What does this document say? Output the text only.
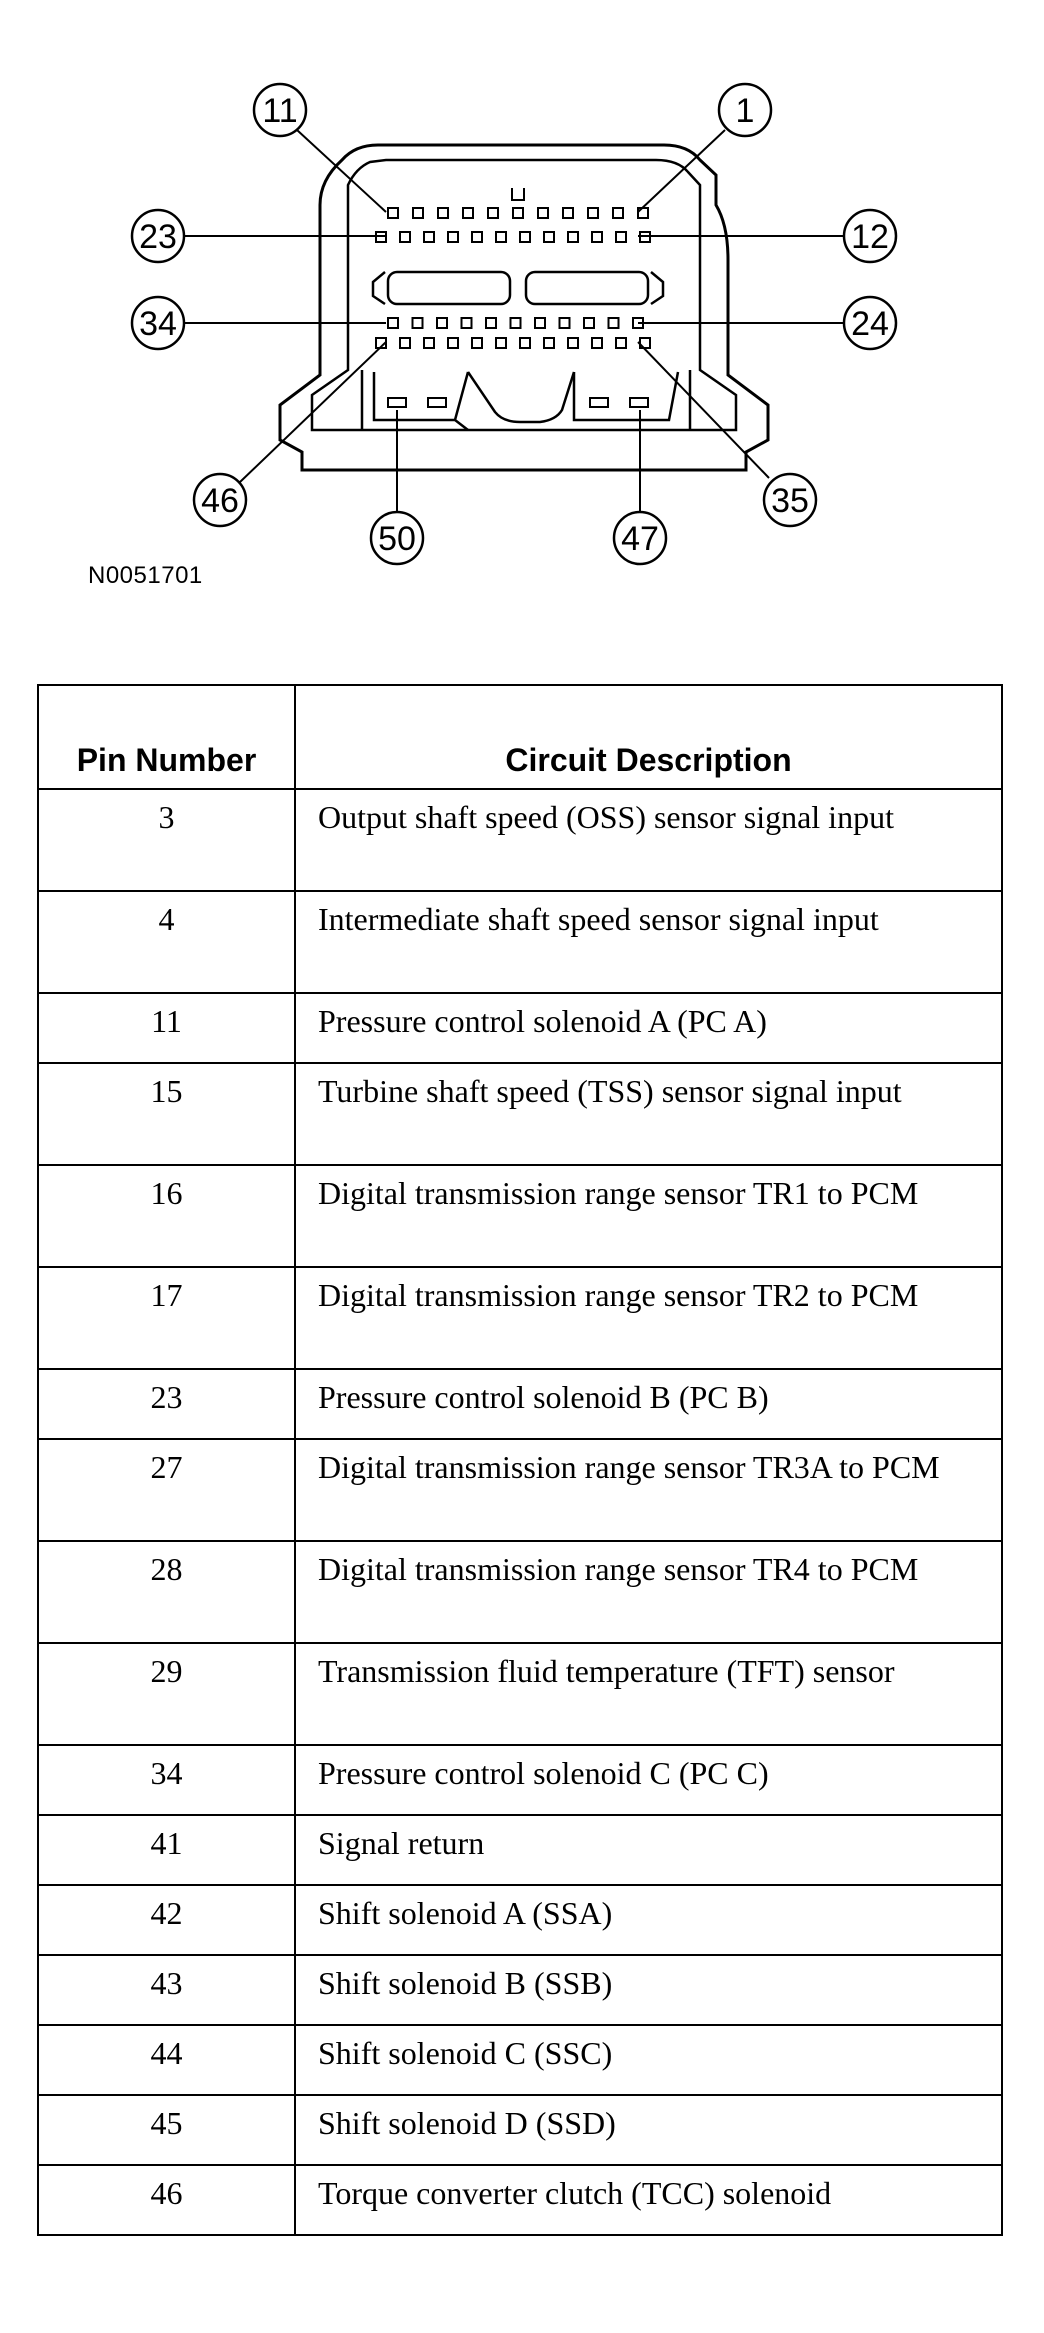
11	1
23	12
34	24
46	35
50	47
N0051701
Pin Number	Circuit Description
3	Output shaft speed (OSS) sensor signal input
4	Intermediate shaft speed sensor signal input
11	Pressure control solenoid A (PC A)
15	Turbine shaft speed (TSS) sensor signal input
16	Digital transmission range sensor TR1 to PCM
17	Digital transmission range sensor TR2 to PCM
23	Pressure control solenoid B (PC B)
27	Digital transmission range sensor TR3A to PCM
28	Digital transmission range sensor TR4 to PCM
29	Transmission fluid temperature (TFT) sensor
34	Pressure control solenoid C (PC C)
41	Signal return
42	Shift solenoid A (SSA)
43	Shift solenoid B (SSB)
44	Shift solenoid C (SSC)
45	Shift solenoid D (SSD)
46	Torque converter clutch (TCC) solenoid
